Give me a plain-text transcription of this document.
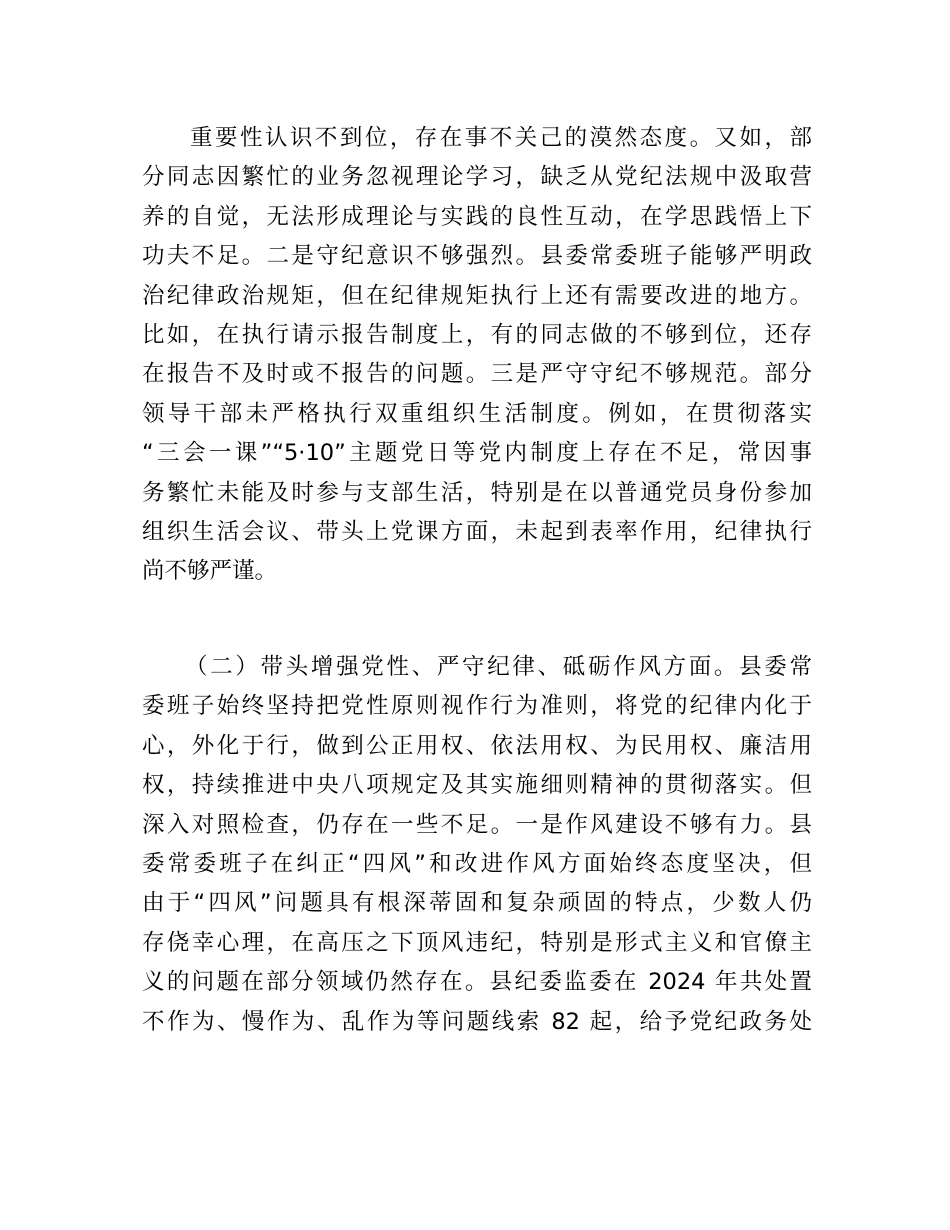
重要性认识不到位，存在事不关己的漠然态度。又如，部
分同志因繁忙的业务忽视理论学习，缺乏从党纪法规中汲取营
养的自觉，无法形成理论与实践的良性互动，在学思践悟上下
功夫不足。二是守纪意识不够强烈。县委常委班子能够严明政
治纪律政治规矩，但在纪律规矩执行上还有需要改进的地方。
比如，在执行请示报告制度上，有的同志做的不够到位，还存
在报告不及时或不报告的问题。三是严守守纪不够规范。部分
领导干部未严格执行双重组织生活制度。例如，在贯彻落实
“三会一课”“5·10”主题党日等党内制度上存在不足，常因事
务繁忙未能及时参与支部生活，特别是在以普通党员身份参加
组织生活会议、带头上党课方面，未起到表率作用，纪律执行
尚不够严谨。
（二）带头增强党性、严守纪律、砥砺作风方面。县委常
委班子始终坚持把党性原则视作行为准则，将党的纪律内化于
心，外化于行，做到公正用权、依法用权、为民用权、廉洁用
权，持续推进中央八项规定及其实施细则精神的贯彻落实。但
深入对照检查，仍存在一些不足。一是作风建设不够有力。县
委常委班子在纠正“四风”和改进作风方面始终态度坚决，但
由于“四风”问题具有根深蒂固和复杂顽固的特点，少数人仍
存侥幸心理，在高压之下顶风违纪，特别是形式主义和官僚主
义的问题在部分领域仍然存在。县纪委监委在 2024 年共处置
不作为、慢作为、乱作为等问题线索 82 起，给予党纪政务处
